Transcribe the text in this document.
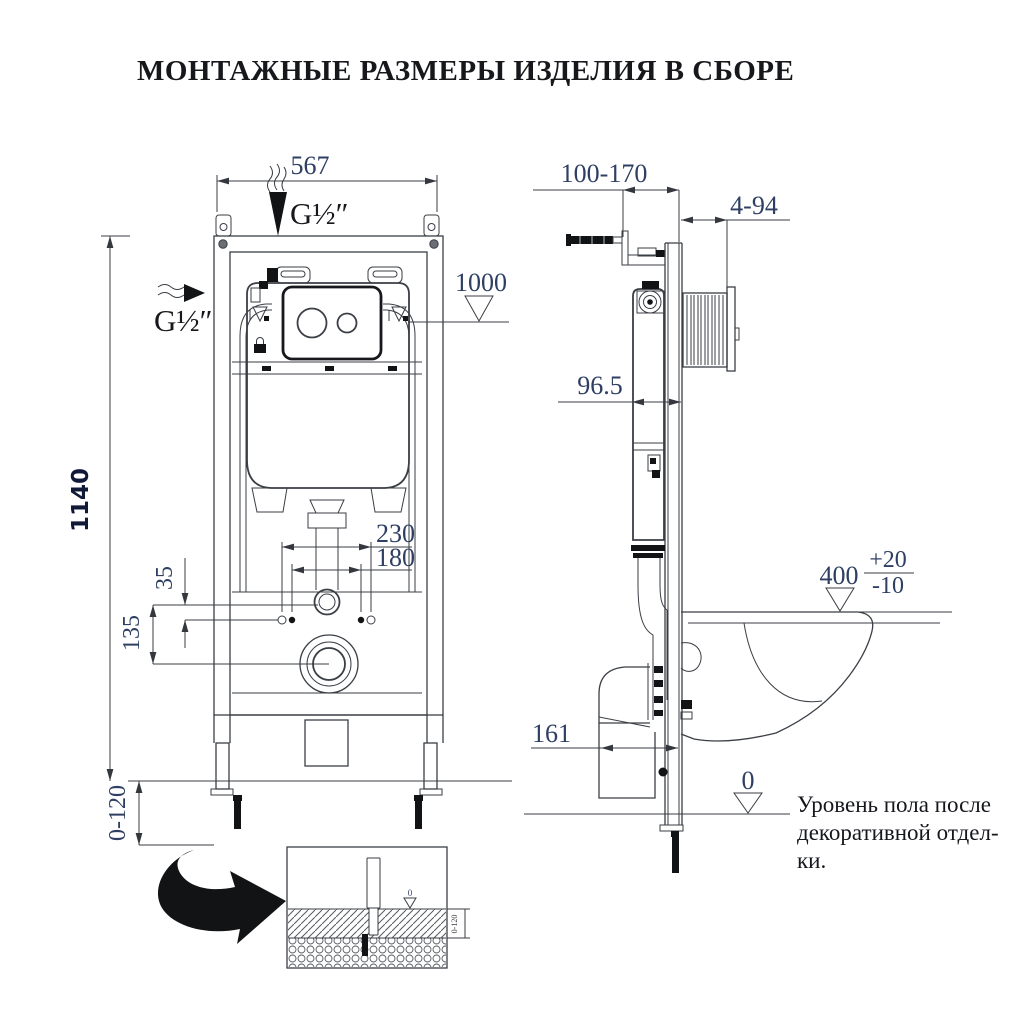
МОНТАЖНЫЕ РАЗМЕРЫ ИЗДЕЛИЯ В СБОРЕ
567
G½″
G½″
1000
230
180
35
135
1140
0-120
0
0-120
100-170
4-94
96.5
400
+20
-10
161
0
Уровень пола после
декоративной отдел-
ки.
